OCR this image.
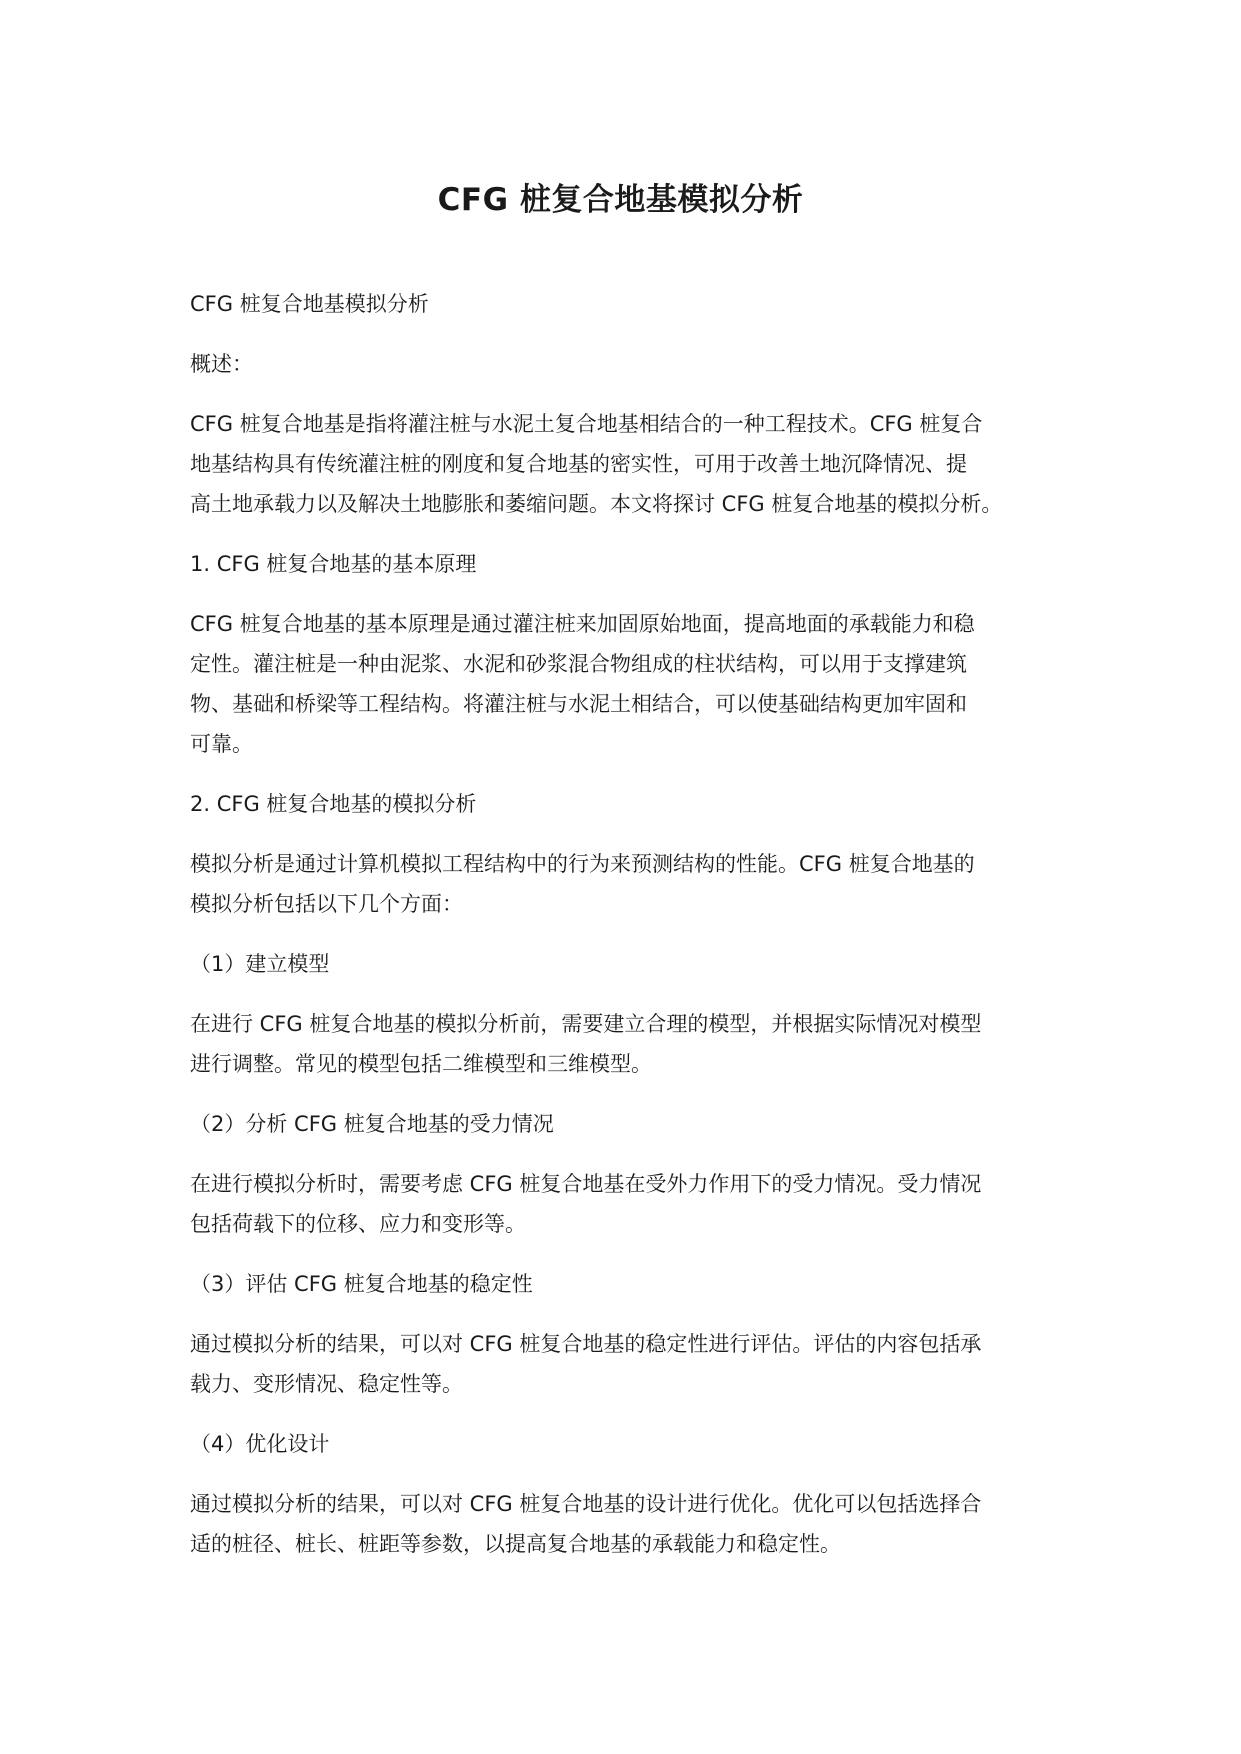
CFG 桩复合地基模拟分析

CFG 桩复合地基模拟分析

概述：

CFG 桩复合地基是指将灌注桩与水泥土复合地基相结合的一种工程技术。CFG 桩复合
地基结构具有传统灌注桩的刚度和复合地基的密实性，可用于改善土地沉降情况、提
高土地承载力以及解决土地膨胀和萎缩问题。本文将探讨 CFG 桩复合地基的模拟分析。

1. CFG 桩复合地基的基本原理

CFG 桩复合地基的基本原理是通过灌注桩来加固原始地面，提高地面的承载能力和稳
定性。灌注桩是一种由泥浆、水泥和砂浆混合物组成的柱状结构，可以用于支撑建筑
物、基础和桥梁等工程结构。将灌注桩与水泥土相结合，可以使基础结构更加牢固和
可靠。

2. CFG 桩复合地基的模拟分析

模拟分析是通过计算机模拟工程结构中的行为来预测结构的性能。CFG 桩复合地基的
模拟分析包括以下几个方面：

（1）建立模型

在进行 CFG 桩复合地基的模拟分析前，需要建立合理的模型，并根据实际情况对模型
进行调整。常见的模型包括二维模型和三维模型。

（2）分析 CFG 桩复合地基的受力情况

在进行模拟分析时，需要考虑 CFG 桩复合地基在受外力作用下的受力情况。受力情况
包括荷载下的位移、应力和变形等。

（3）评估 CFG 桩复合地基的稳定性

通过模拟分析的结果，可以对 CFG 桩复合地基的稳定性进行评估。评估的内容包括承
载力、变形情况、稳定性等。

（4）优化设计

通过模拟分析的结果，可以对 CFG 桩复合地基的设计进行优化。优化可以包括选择合
适的桩径、桩长、桩距等参数，以提高复合地基的承载能力和稳定性。
